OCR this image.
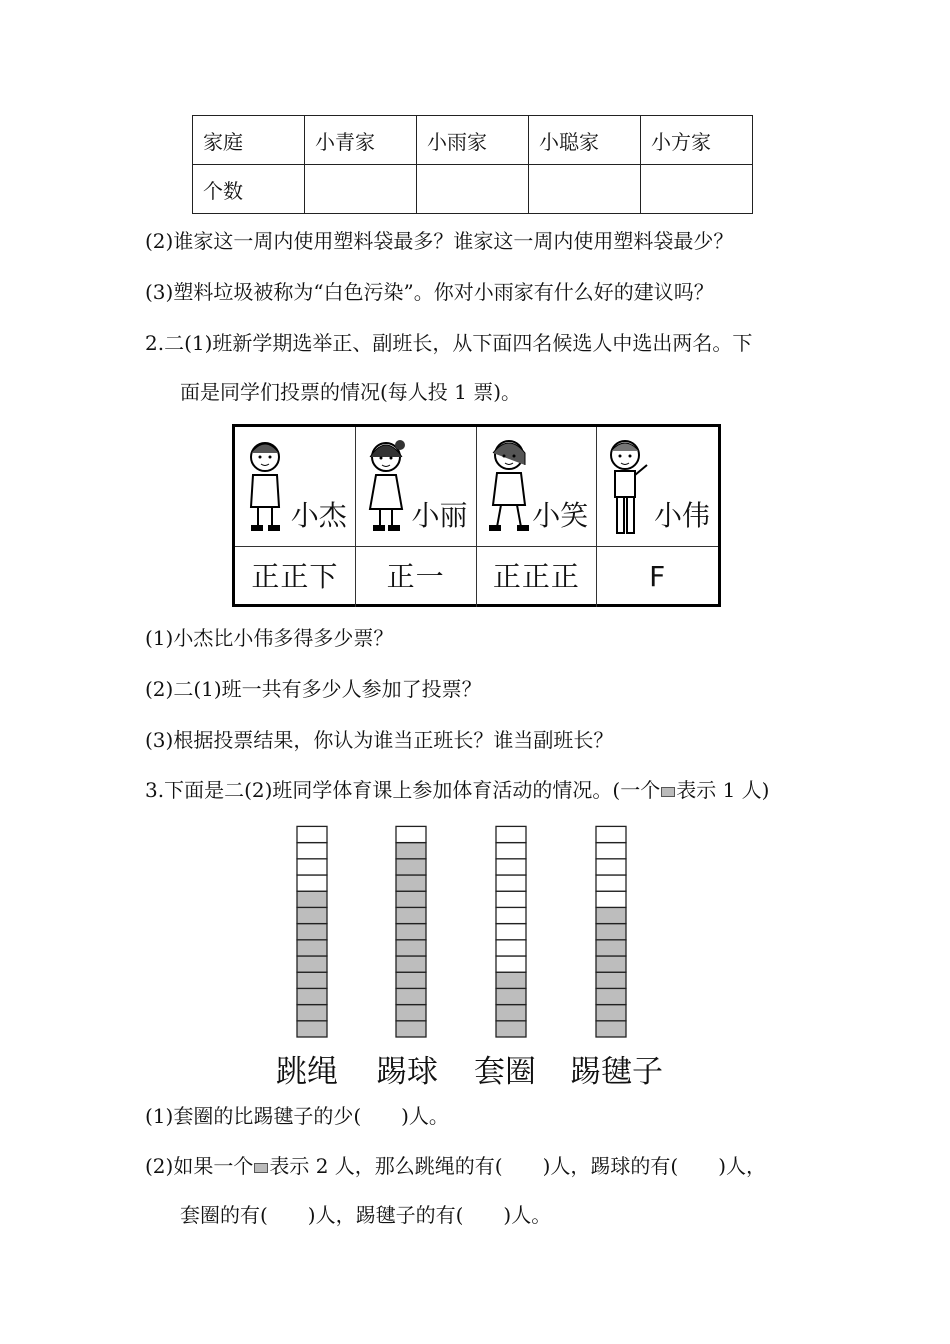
家庭	小青家	小雨家	小聪家	小方家
个数				
(2)谁家这一周内使用塑料袋最多？谁家这一周内使用塑料袋最少？
(3)塑料垃圾被称为“白色污染”。你对小雨家有什么好的建议吗？
2.二(1)班新学期选举正、副班长，从下面四名候选人中选出两名。下
面是同学们投票的情况(每人投 1 票)。
小杰 小丽 小笑 小伟
正正下	正一	正正正	F
(1)小杰比小伟多得多少票？
(2)二(1)班一共有多少人参加了投票？
(3)根据投票结果，你认为谁当正班长？谁当副班长？
3.下面是二(2)班同学体育课上参加体育活动的情况。(一个 表示 1 人)
跳绳 踢球 套圈 踢毽子
(1)套圈的比踢毽子的少(　　)人。
(2)如果一个 表示 2 人，那么跳绳的有(　　)人，踢球的有(　　)人，
套圈的有(　　)人，踢毽子的有(　　)人。
